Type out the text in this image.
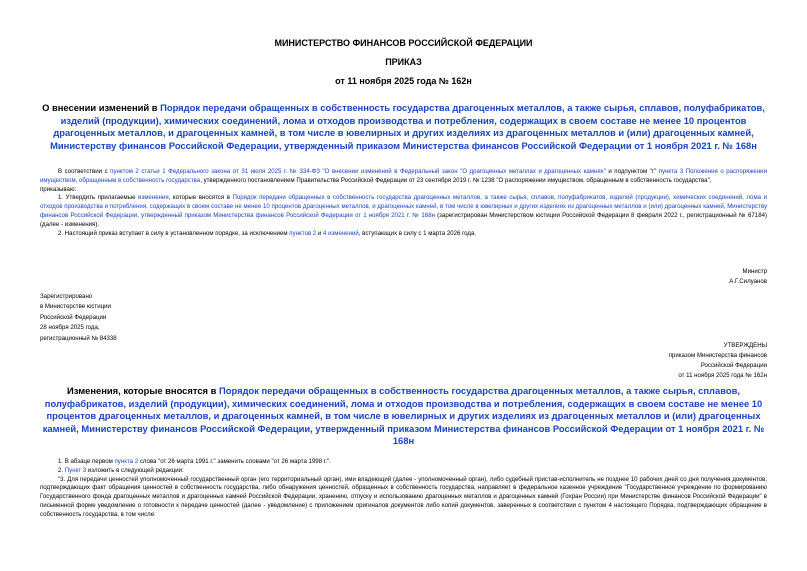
МИНИСТЕРСТВО ФИНАНСОВ РОССИЙСКОЙ ФЕДЕРАЦИИ
ПРИКАЗ
от 11 ноября 2025 года № 162н
О внесении изменений в Порядок передачи обращенных в собственность государства драгоценных металлов, а также сырья, сплавов, полуфабрикатов, изделий (продукции), химических соединений, лома и отходов производства и потребления, содержащих в своем составе не менее 10 процентов драгоценных металлов, и драгоценных камней, в том числе в ювелирных и других изделиях из драгоценных металлов и (или) драгоценных камней, Министерству финансов Российской Федерации, утвержденный приказом Министерства финансов Российской Федерации от 1 ноября 2021 г. № 168н

В соответствии с пунктом 2 статьи 1 Федерального закона от 31 июля 2025 г. № 334-ФЗ "О внесении изменений в Федеральный закон "О драгоценных металлах и драгоценных камнях" и подпунктом "г" пункта 3 Положения о распоряжении имуществом, обращенным в собственность государства, утвержденного постановлением Правительства Российской Федерации от 23 сентября 2019 г. № 1238 "О распоряжении имуществом, обращенным в собственность государства",

приказываю:

1. Утвердить прилагаемые изменения, которые вносятся в Порядок передачи обращенных в собственность государства драгоценных металлов, а также сырья, сплавов, полуфабрикатов, изделий (продукции), химических соединений, лома и отходов производства и потребления, содержащих в своем составе не менее 10 процентов драгоценных металлов, и драгоценных камней, в том числе в ювелирных и других изделиях из драгоценных металлов и (или) драгоценных камней, Министерству финансов Российской Федерации, утвержденный приказом Министерства финансов Российской Федерации от 1 ноября 2021 г. № 168н (зарегистрирован Министерством юстиции Российской Федерации 8 февраля 2022 г., регистрационный № 67184) (далее - изменения).

2. Настоящий приказ вступает в силу в установленном порядке, за исключением пунктов 2 и 4 изменений, вступающих в силу с 1 марта 2026 года.

Министр
А.Г.Силуанов
Зарегистрировано
в Министерстве юстиции
Российской Федерации
28 ноября 2025 года,
регистрационный № 84338
УТВЕРЖДЕНЫ
приказом Министерства финансов
Российской Федерации
от 11 ноября 2025 года № 162н
Изменения, которые вносятся в Порядок передачи обращенных в собственность государства драгоценных металлов, а также сырья, сплавов, полуфабрикатов, изделий (продукции), химических соединений, лома и отходов производства и потребления, содержащих в своем составе не менее 10 процентов драгоценных металлов, и драгоценных камней, в том числе в ювелирных и других изделиях из драгоценных металлов и (или) драгоценных камней, Министерству финансов Российской Федерации, утвержденный приказом Министерства финансов Российской Федерации от 1 ноября 2021 г. № 168н

1. В абзаце первом пункта 2 слова "от 26 марта 1991 г." заменить словами "от 26 марта 1998 г.".

2. Пункт 3 изложить в следующей редакции:

"3. Для передачи ценностей уполномоченный государственный орган (его территориальный орган), ими владеющий (далее - уполномоченный орган), либо судебный пристав-исполнитель не позднее 10 рабочих дней со дня получения документов, подтверждающих факт обращения ценностей в собственность государства, либо обнаружения ценностей, обращенных в собственность государства, направляет в федеральное казенное учреждение "Государственное учреждение по формированию Государственного фонда драгоценных металлов и драгоценных камней Российской Федерации, хранению, отпуску и использованию драгоценных металлов и драгоценных камней (Гохран России) при Министерстве финансов Российской Федерации" в письменной форме уведомление о готовности к передаче ценностей (далее - уведомление) с приложением оригиналов документов либо копий документов, заверенных в соответствии с пунктом 4 настоящего Порядка, подтверждающих обращение в собственность государства, в том числе:
